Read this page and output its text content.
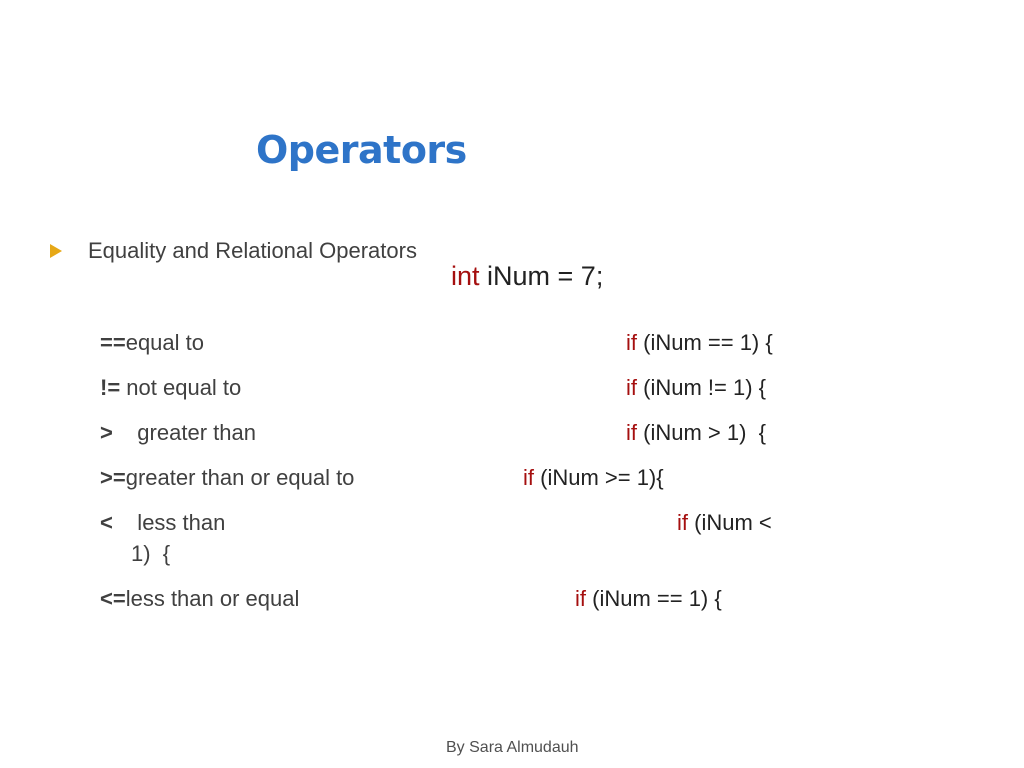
Operators
Equality and Relational Operators
int iNum = 7;
==equal to
!= not equal to
>    greater than
>=greater than or equal to
<    less than
1)  {
<=less than or equal
if (iNum == 1) {
if (iNum != 1) {
if (iNum > 1)  {
if (iNum >= 1){
if (iNum <
if (iNum == 1) {
By Sara Almudauh
